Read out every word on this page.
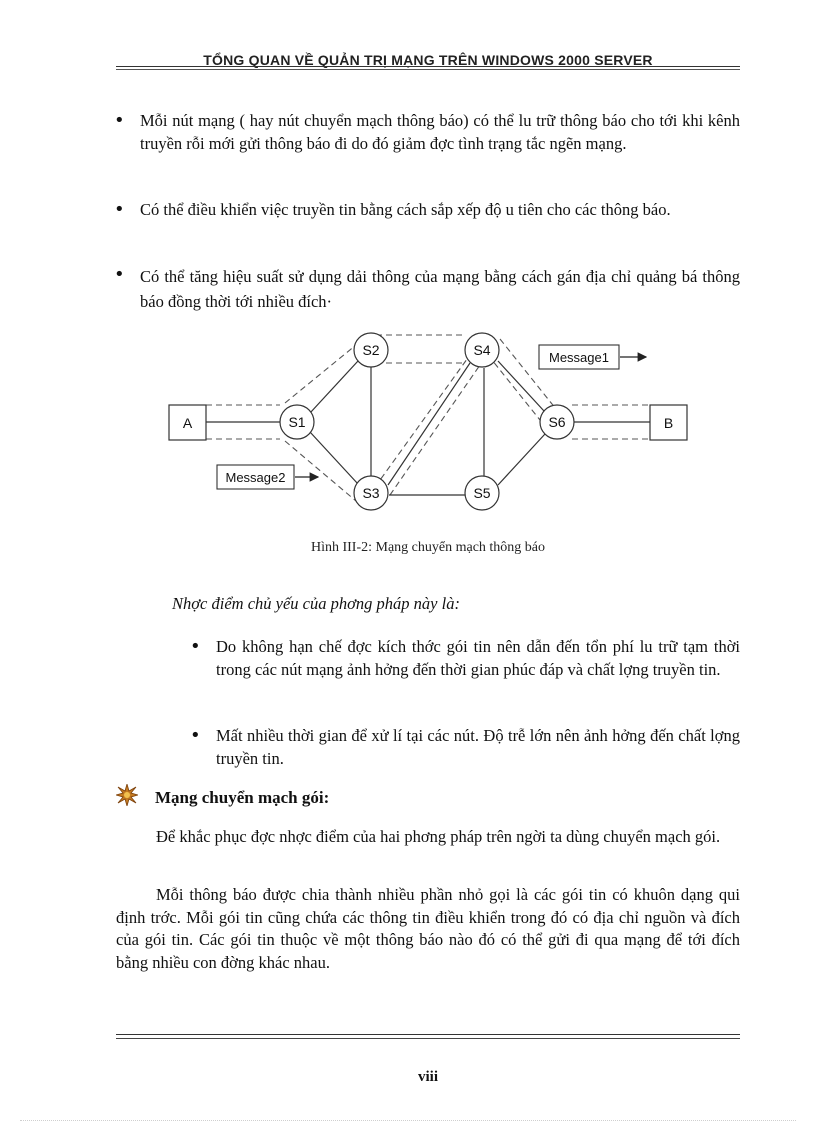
TỔNG QUAN VỀ QUẢN TRỊ MẠNG TRÊN WINDOWS 2000 SERVER
• Mỗi nút mạng ( hay nút chuyển mạch thông báo) có thể lu trữ thông báo cho tới khi kênh truyền rỗi mới gửi thông báo đi do đó giảm đợc tình trạng tắc ngẽn mạng.
• Có thể điều khiển việc truyền tin bằng cách sắp xếp độ u tiên cho các thông báo.
• Có thể tăng hiệu suất sử dụng dải thông của mạng bằng cách gán địa chỉ quảng bá thông báo đồng thời tới nhiều đích·
A	B
S1
S2
S3
S4
S5
S6
Message1
Message2
Hình III-2: Mạng chuyển mạch thông báo
Nhợc điểm chủ yếu của phơng pháp này là:
• Do không hạn chế đợc kích thớc gói tin nên dẫn đến tổn phí lu trữ tạm thời trong các nút mạng ảnh hởng đến thời gian phúc đáp và chất lợng truyền tin.
• Mất nhiều thời gian để xử lí tại các nút. Độ trễ lớn nên ảnh hởng đến chất lợng truyền tin.
Mạng chuyển mạch gói:
Để khắc phục đợc nhợc điểm của hai phơng pháp trên ngời ta dùng chuyển mạch gói.
Mỗi thông báo được chia thành nhiều phần nhỏ gọi là các gói tin có khuôn dạng qui định trớc. Mỗi gói tin cũng chứa các thông tin điều khiển trong đó có địa chỉ nguồn và đích của gói tin. Các gói tin thuộc về một thông báo nào đó có thể gửi đi qua mạng để tới đích bằng nhiều con đờng khác nhau.
viii
